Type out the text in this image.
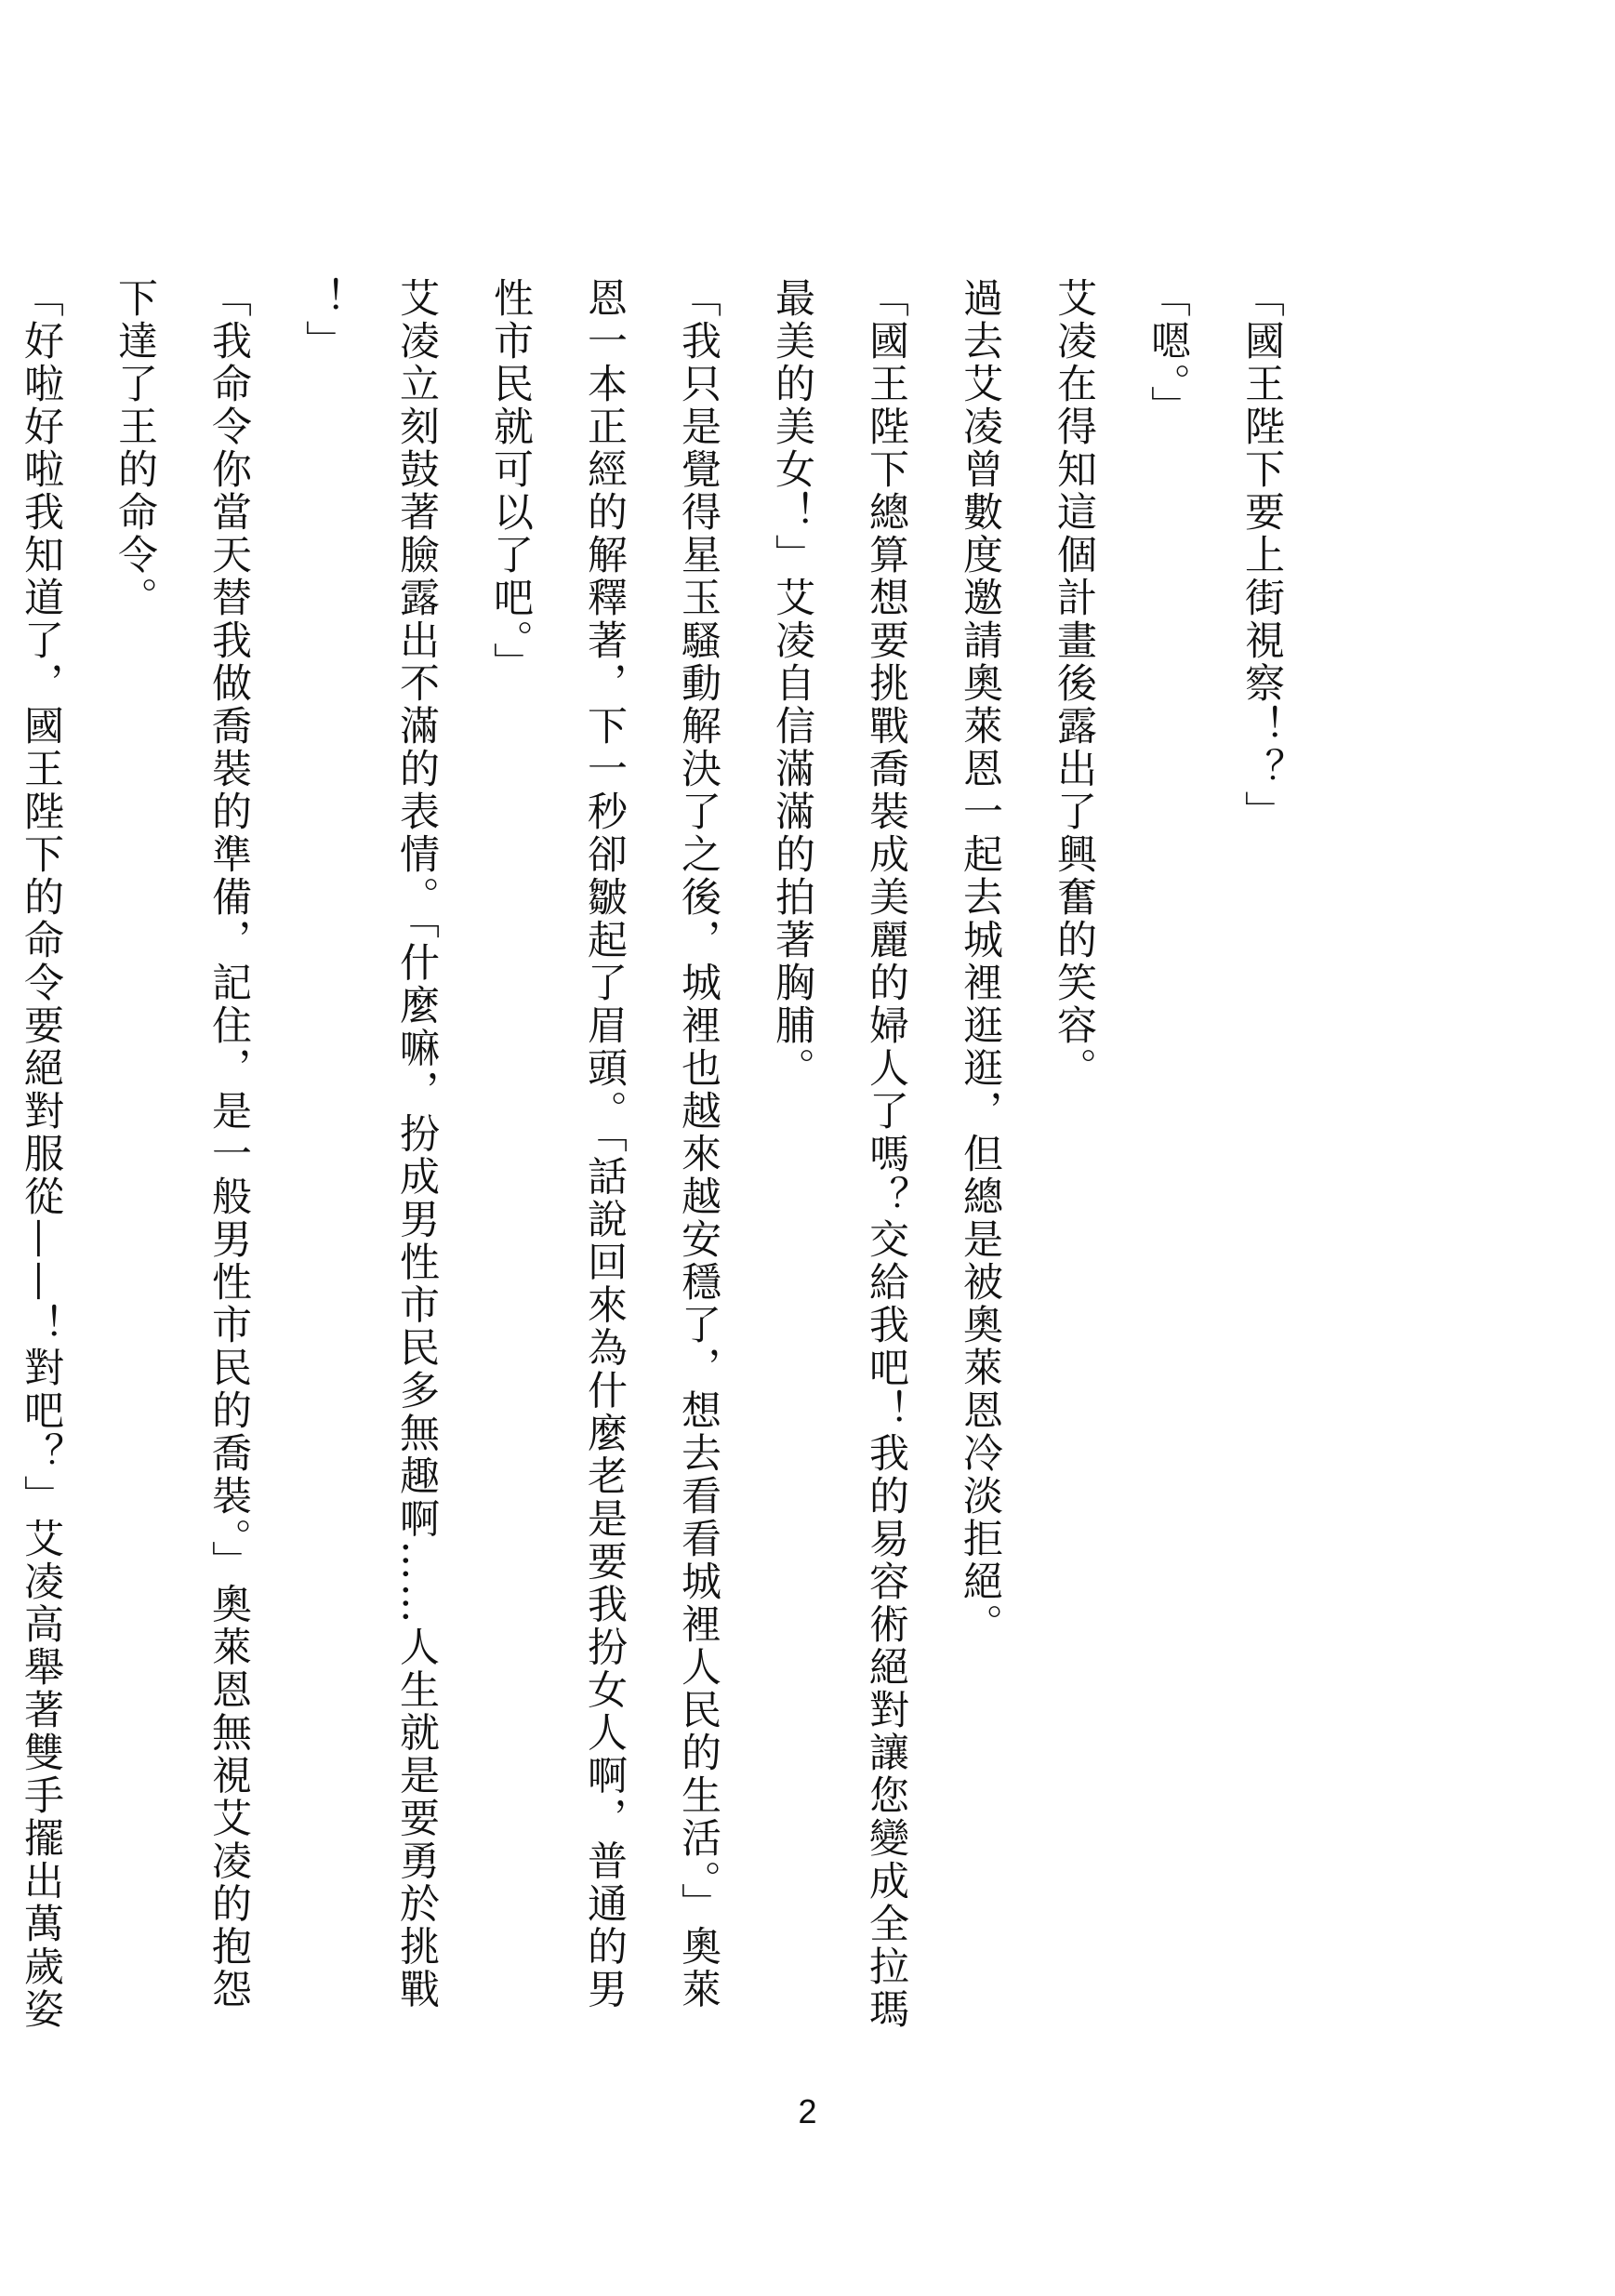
「國王陛下要上街視察！？」

「嗯。」

艾凌在得知這個計畫後露出了興奮的笑容。

過去艾凌曾數度邀請奧萊恩一起去城裡逛逛，但總是被奧萊恩冷淡拒絕。

「國王陛下總算想要挑戰喬裝成美麗的婦人了嗎？交給我吧！我的易容術絕對讓您變成全拉瑪最美的美女！」艾凌自信滿滿的拍著胸脯。

「我只是覺得星玉騷動解決了之後，城裡也越來越安穩了，想去看看城裡人民的生活。」奧萊恩一本正經的解釋著，下一秒卻皺起了眉頭。「話說回來為什麼老是要我扮女人啊，普通的男性市民就可以了吧。」

艾凌立刻鼓著臉露出不滿的表情。「什麼嘛，扮成男性市民多無趣啊……人生就是要勇於挑戰！」

「我命令你當天替我做喬裝的準備，記住，是一般男性市民的喬裝。」奧萊恩無視艾凌的抱怨下達了王的命令。

「好啦好啦我知道了，國王陛下的命令要絕對服從——！對吧？」艾凌高舉著雙手擺出萬歲姿

2
